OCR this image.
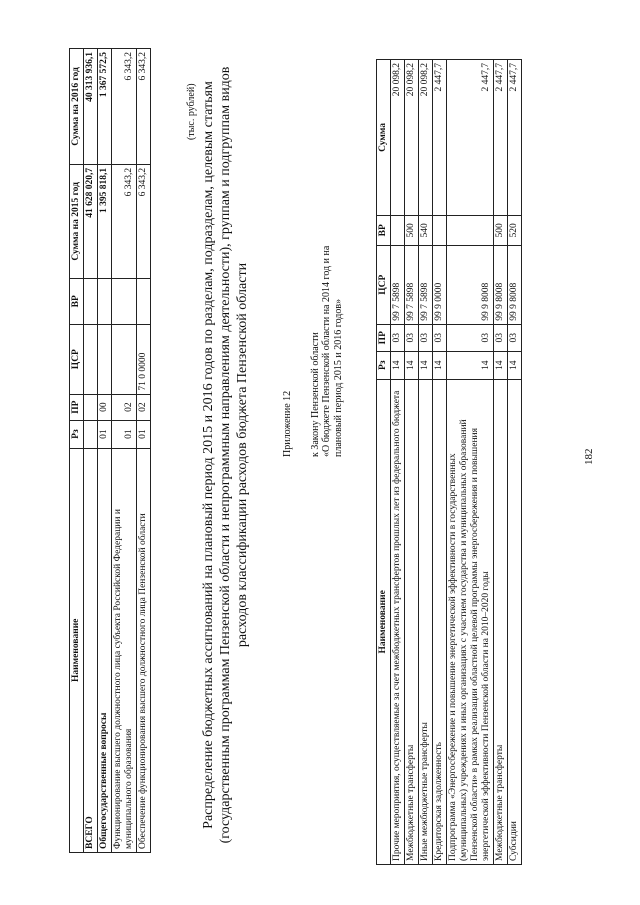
182
Наименование	Рз	ПР	ЦСР	ВР	Сумма
Прочие мероприятия, осуществляемые за счет межбюджетных трансфертов прошлых лет из федерального бюджета	14	03	99 7 5898		20 098,2
Межбюджетные трансферты	14	03	99 7 5898	500	20 098,2
Иные межбюджетные трансферты	14	03	99 7 5898	540	20 098,2
Кредиторская задолженность	14	03	99 9 0000		2 447,7
Подпрограмма «Энергосбережение и повышение энергетической эффективности в государственных (муниципальных) учреждениях и иных организациях с участием государства и муниципальных образований Пензенской области» в рамках реализации областной целевой программы энергосбережения и повышения энергетической эффективности Пензенской области на 2010–2020 годы	14	03	99 9 8008		2 447,7
Межбюджетные трансферты	14	03	99 9 8008	500	2 447,7
Субсидии	14	03	99 9 8008	520	2 447,7
Приложение 12 к Закону Пензенской области «О бюджете Пензенской области на 2014 год и на плановый период 2015 и 2016 годов»
Распределение бюджетных ассигнований на плановый период 2015 и 2016 годов по разделам, подразделам, целевым статьям (государственным программам Пензенской области и непрограммным направлениям деятельности), группам и подгруппам видов расходов классификации расходов бюджета Пензенской области
(тыс. рублей)
Наименование	Рз	ПР	ЦСР	ВР	Сумма на 2015 год	Сумма на 2016 год
ВСЕГО					41 628 020,7	40 313 936,1
Общегосударственные вопросы	01	00			1 395 818,1	1 367 572,5
Функционирование высшего должностного лица субъекта Российской Федерации и муниципального образования	01	02			6 343,2	6 343,2
Обеспечение функционирования высшего должностного лица Пензенской области	01	02	71 0 0000		6 343,2	6 343,2
